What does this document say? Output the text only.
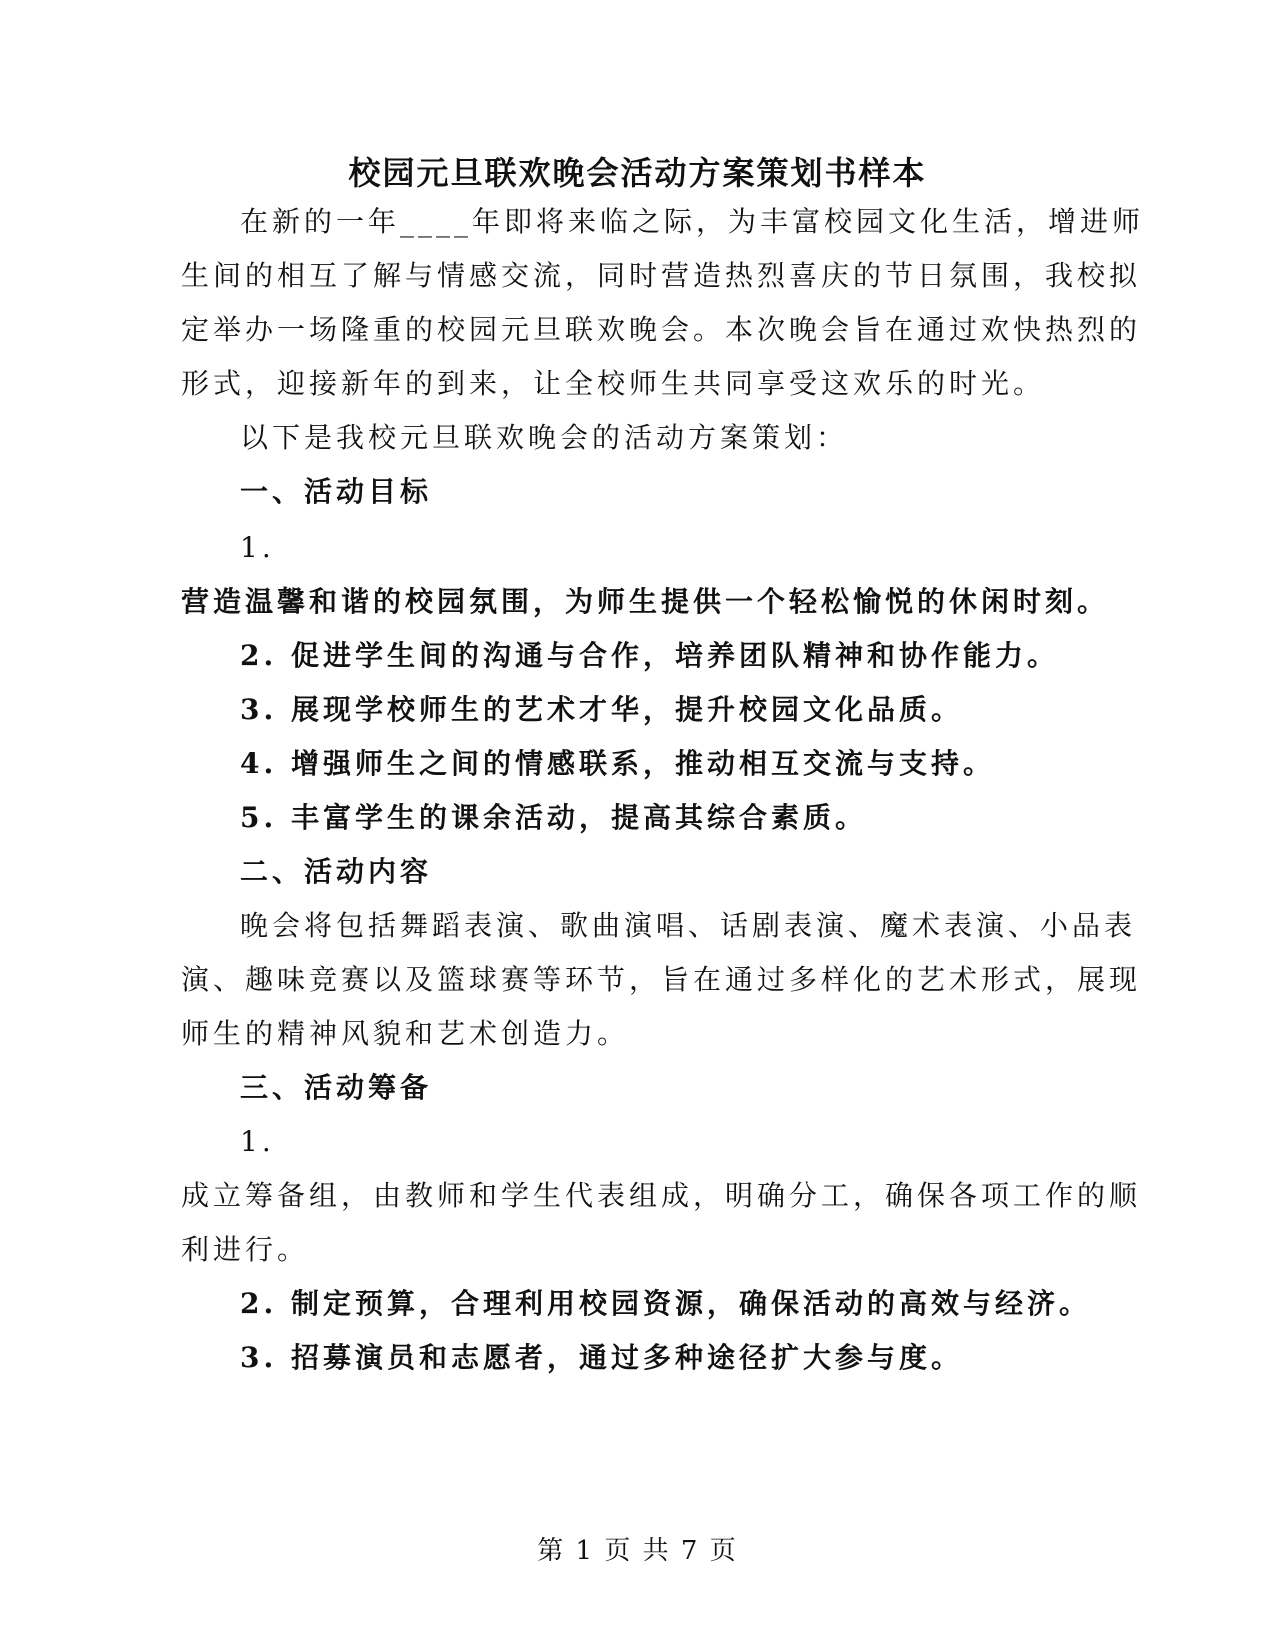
校园元旦联欢晚会活动方案策划书样本
在新的一年____年即将来临之际，为丰富校园文化生活，增进师
生间的相互了解与情感交流，同时营造热烈喜庆的节日氛围，我校拟
定举办一场隆重的校园元旦联欢晚会。本次晚会旨在通过欢快热烈的
形式，迎接新年的到来，让全校师生共同享受这欢乐的时光。
以下是我校元旦联欢晚会的活动方案策划：
一、活动目标
1.
营造温馨和谐的校园氛围，为师生提供一个轻松愉悦的休闲时刻。
2. 促进学生间的沟通与合作，培养团队精神和协作能力。
3. 展现学校师生的艺术才华，提升校园文化品质。
4. 增强师生之间的情感联系，推动相互交流与支持。
5. 丰富学生的课余活动，提高其综合素质。
二、活动内容
晚会将包括舞蹈表演、歌曲演唱、话剧表演、魔术表演、小品表
演、趣味竞赛以及篮球赛等环节，旨在通过多样化的艺术形式，展现
师生的精神风貌和艺术创造力。
三、活动筹备
1.
成立筹备组，由教师和学生代表组成，明确分工，确保各项工作的顺
利进行。
2. 制定预算，合理利用校园资源，确保活动的高效与经济。
3. 招募演员和志愿者，通过多种途径扩大参与度。
第 1 页 共 7 页
